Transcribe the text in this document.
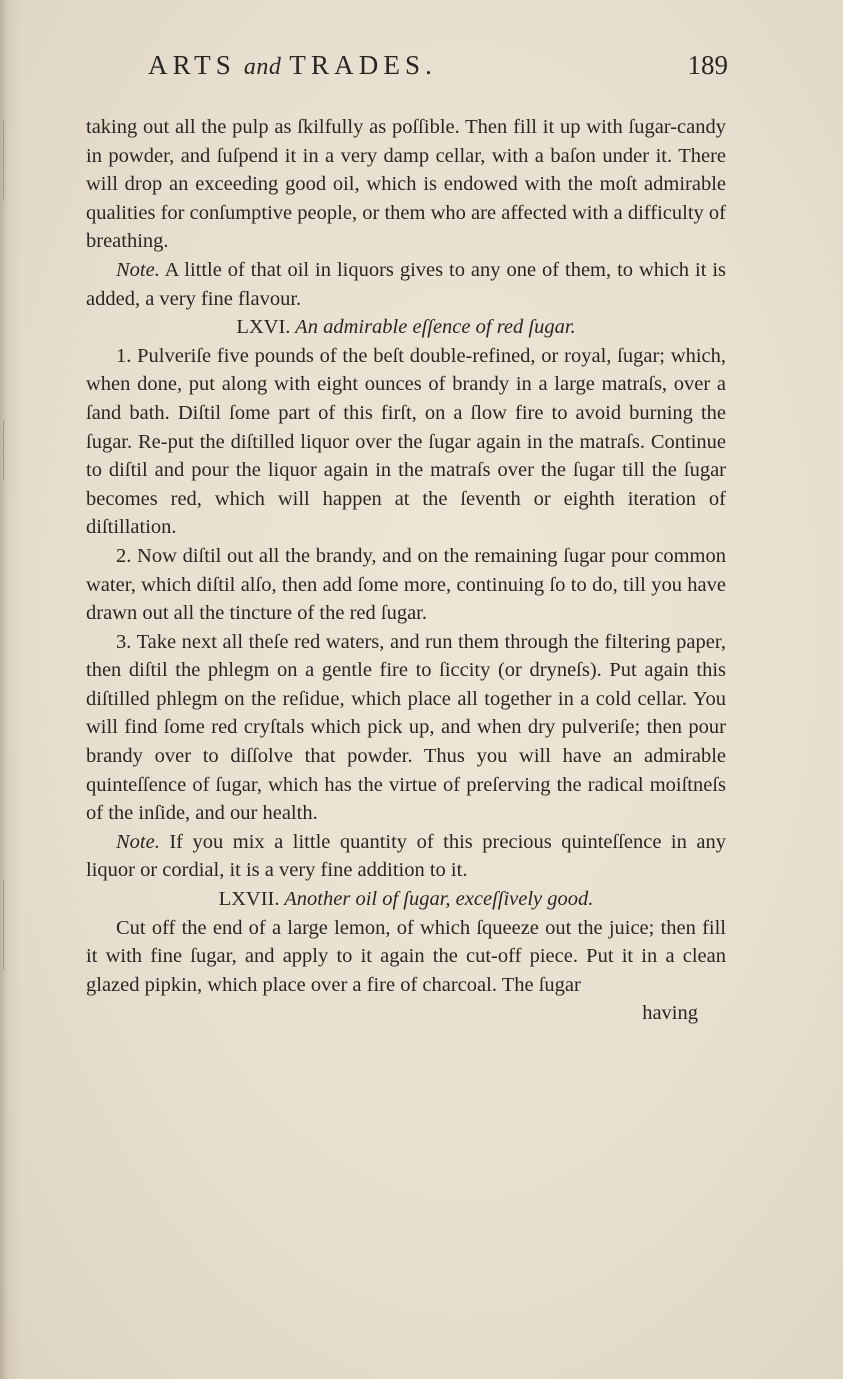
ARTS and TRADES.	189

taking out all the pulp as ſkilfully as poſſible. Then fill it up with ſugar-candy in powder, and ſuſpend it in a very damp cellar, with a baſon under it. There will drop an exceeding good oil, which is endowed with the moſt admirable qualities for conſumptive people, or them who are affected with a difficulty of breathing.

Note. A little of that oil in liquors gives to any one of them, to which it is added, a very fine flavour.

LXVI. An admirable eſſence of red ſugar.

1. Pulveriſe five pounds of the beſt double-refined, or royal, ſugar; which, when done, put along with eight ounces of brandy in a large matraſs, over a ſand bath. Diſtil ſome part of this firſt, on a ſlow fire to avoid burning the ſugar. Re-put the diſtilled liquor over the ſugar again in the matraſs. Continue to diſtil and pour the liquor again in the matraſs over the ſugar till the ſugar becomes red, which will happen at the ſeventh or eighth iteration of diſtillation.

2. Now diſtil out all the brandy, and on the remaining ſugar pour common water, which diſtil alſo, then add ſome more, continuing ſo to do, till you have drawn out all the tincture of the red ſugar.

3. Take next all theſe red waters, and run them through the filtering paper, then diſtil the phlegm on a gentle fire to ſiccity (or dryneſs). Put again this diſtilled phlegm on the reſidue, which place all together in a cold cellar. You will find ſome red cryſtals which pick up, and when dry pulveriſe; then pour brandy over to diſſolve that powder. Thus you will have an admirable quinteſſence of ſugar, which has the virtue of preſerving the radical moiſtneſs of the inſide, and our health.

Note. If you mix a little quantity of this precious quinteſſence in any liquor or cordial, it is a very fine addition to it.

LXVII. Another oil of ſugar, exceſſively good.

Cut off the end of a large lemon, of which ſqueeze out the juice; then fill it with fine ſugar, and apply to it again the cut-off piece. Put it in a clean glazed pipkin, which place over a fire of charcoal. The ſugar

having
